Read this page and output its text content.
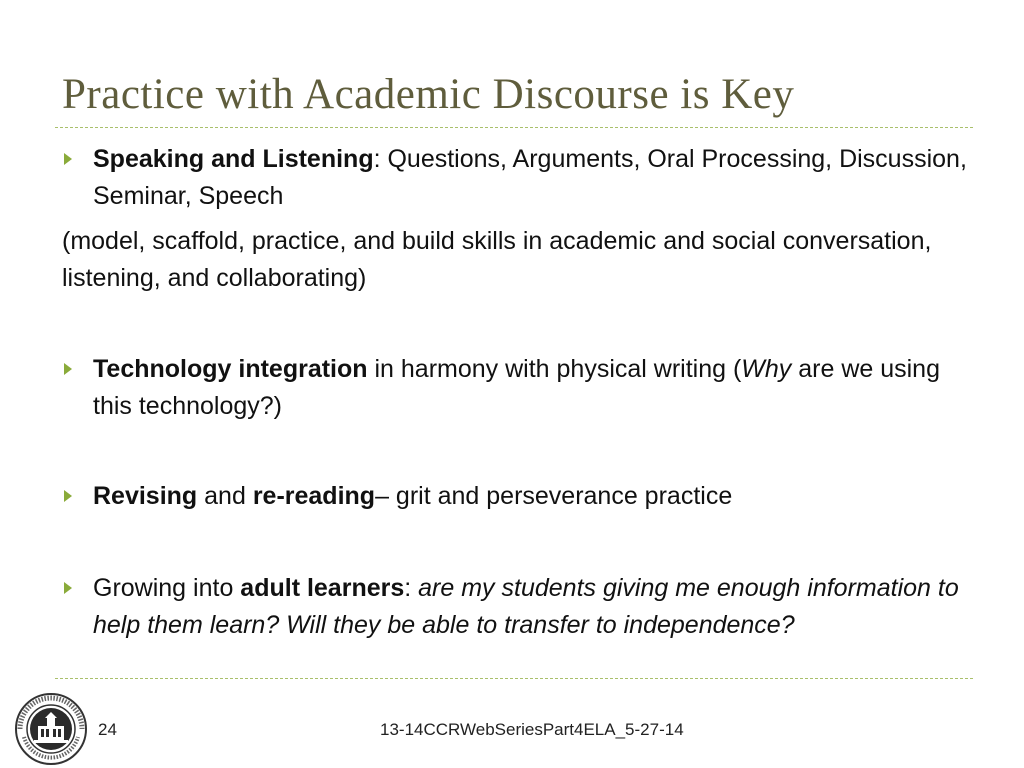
Practice with Academic Discourse is Key
Speaking and Listening: Questions, Arguments, Oral Processing, Discussion, Seminar, Speech
(model, scaffold, practice, and build skills in academic and social conversation, listening, and collaborating)
Technology integration in harmony with physical writing (Why are we using this technology?)
Revising and re-reading– grit and perseverance practice
Growing into adult learners: are my students giving me enough information to help them learn? Will they be able to transfer to independence?
24	13-14CCRWebSeriesPart4ELA_5-27-14
